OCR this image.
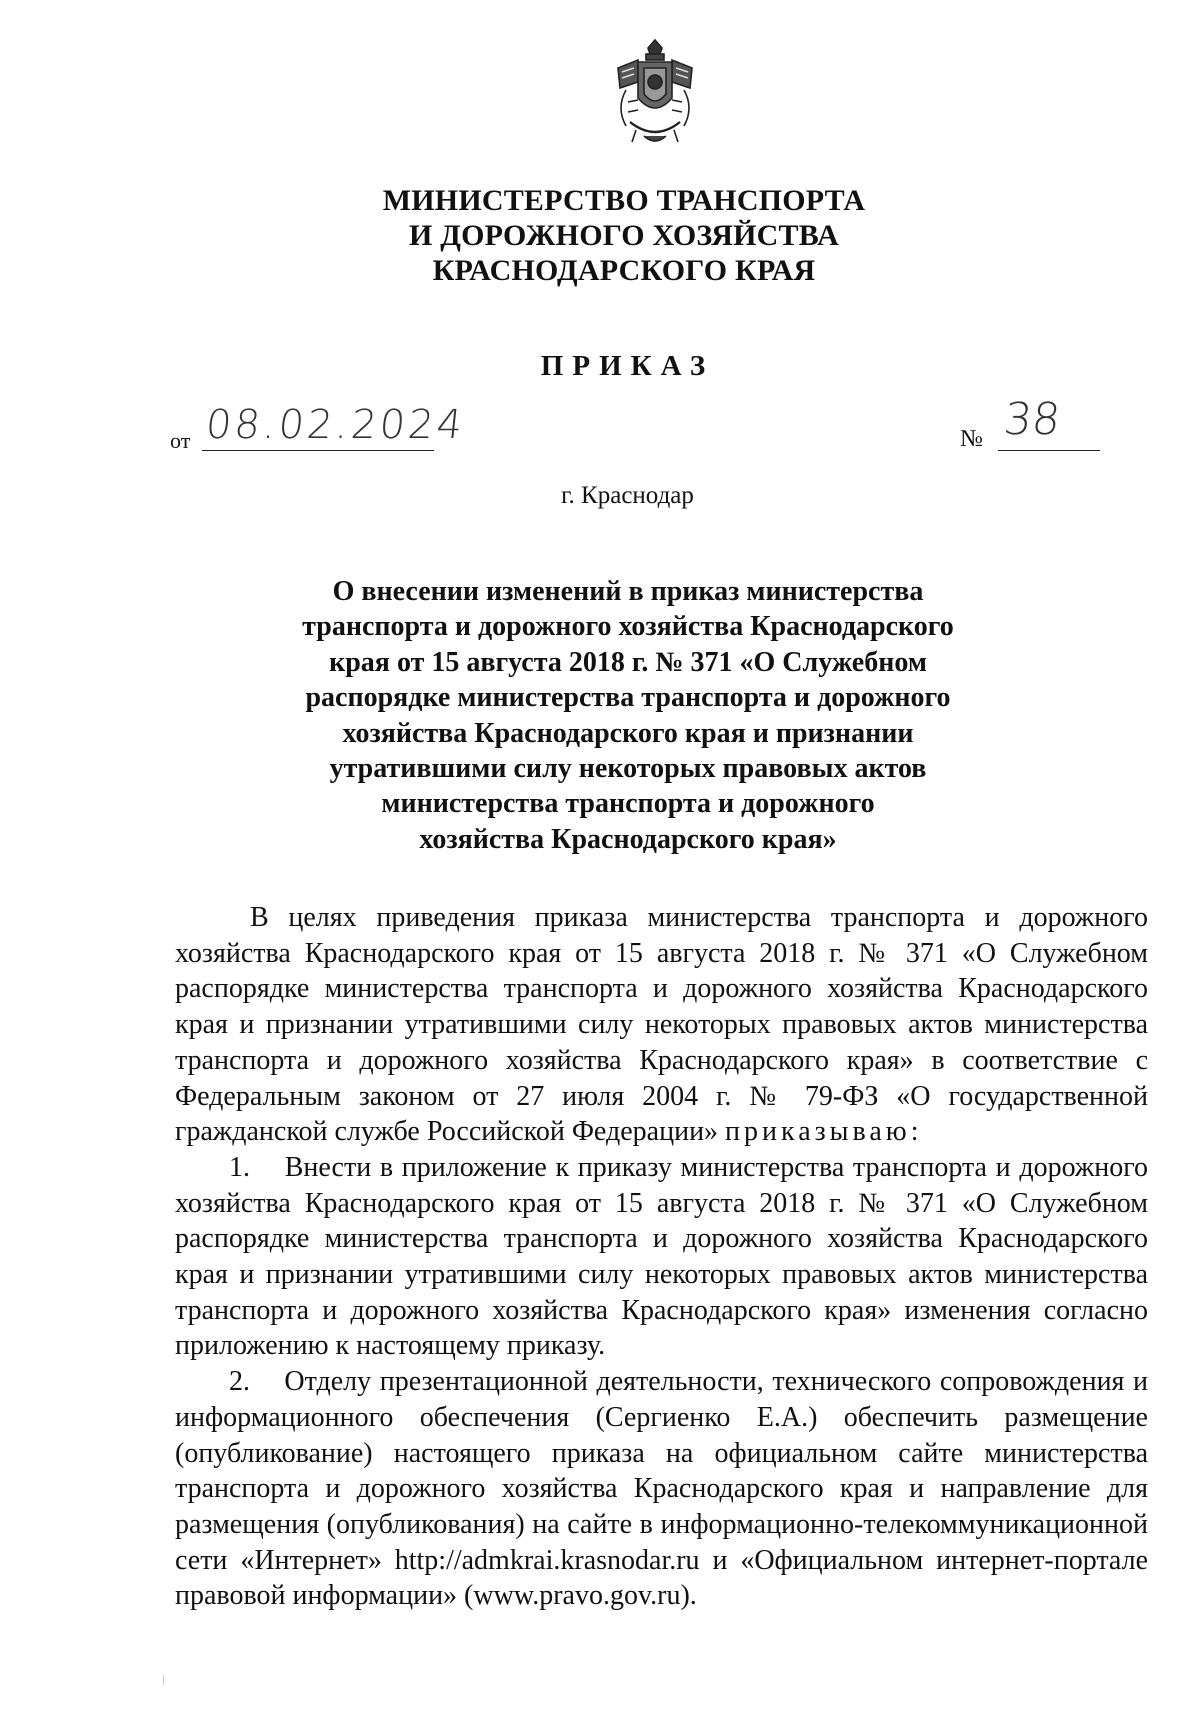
МИНИСТЕРСТВО ТРАНСПОРТА
И ДОРОЖНОГО ХОЗЯЙСТВА
КРАСНОДАРСКОГО КРАЯ
ПРИКАЗ
от 08.02.2024	№ 38
г. Краснодар
О внесении изменений в приказ министерства
транспорта и дорожного хозяйства Краснодарского
края от 15 августа 2018 г. № 371 «О Служебном
распорядке министерства транспорта и дорожного
хозяйства Краснодарского края и признании
утратившими силу некоторых правовых актов
министерства транспорта и дорожного
хозяйства Краснодарского края»

В целях приведения приказа министерства транспорта и дорожного хозяйства Краснодарского края от 15 августа 2018 г. № 371 «О Служебном распорядке министерства транспорта и дорожного хозяйства Краснодарского края и признании утратившими силу некоторых правовых актов министерства транспорта и дорожного хозяйства Краснодарского края» в соответствие с Федеральным законом от 27 июля 2004 г. № 79-ФЗ «О государственной гражданской службе Российской Федерации» приказываю:

1. Внести в приложение к приказу министерства транспорта и дорожного хозяйства Краснодарского края от 15 августа 2018 г. № 371 «О Служебном распорядке министерства транспорта и дорожного хозяйства Краснодарского края и признании утратившими силу некоторых правовых актов министерства транспорта и дорожного хозяйства Краснодарского края» изменения согласно приложению к настоящему приказу.

2. Отделу презентационной деятельности, технического сопровождения и информационного обеспечения (Сергиенко Е.А.) обеспечить размещение (опубликование) настоящего приказа на официальном сайте министерства транспорта и дорожного хозяйства Краснодарского края и направление для размещения (опубликования) на сайте в информационно-телекоммуникационной сети «Интернет» http://admkrai.krasnodar.ru и «Официальном интернет-портале правовой информации» (www.pravo.gov.ru).
